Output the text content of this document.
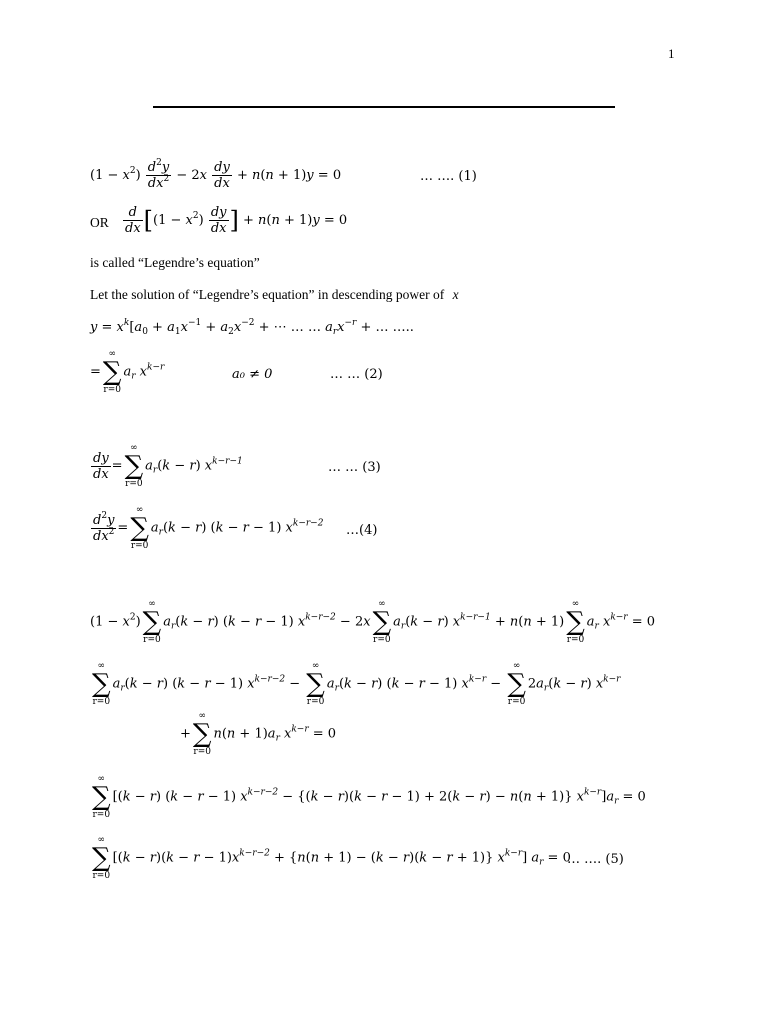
1
$(1 - x^2) \frac{d^2y}{dx^2} - 2x \frac{dy}{dx} + n(n + 1)y = 0$	… …. (1)
OR $\frac{d}{dx} [(1 - x^2) \frac{dy}{dx}$ ] + n(n + 1)y = 0
is called “Legendre’s equation”
Let the solution of “Legendre’s equation” in descending power of x
$y = x^k[a_0 + a_1x^{-1} + a_2x^{-2}$ + ⋯ … … $a_rx^{-r}$ + … …..
=
∞
∑
r=0
$a_r$ $x^{k-r}$	a₀ ≠ 0	… … (2)
$\frac{dy}{dx}$ =
∞
∑
r=0
$a_r(k - r)$ $x^{k-r-1}$	… … (3)
$\frac{d^2y}{dx^2}$ =
∞
∑
r=0
$a_r(k - r) (k - r - 1)$ $x^{k-r-2}$ …(4)
$(1 - x^2)$
∞
∑
r=0
$a_r(k - r) (k - r - 1) x^{k-r-2} - 2x$
∞
∑
r=0
$a_r(k - r) x^{k-r-1} + n(n + 1)$
∞
∑
r=0
$a_r$ $x^{k-r} = 0$
∞
∑
r=0
$a_r(k - r) (k - r - 1) x^{k-r-2}$ −
∞
∑
r=0
$a_r(k - r) (k - r - 1) x^{k-r}$ −
∞
∑
r=0
$2a_r(k - r)$ $x^{k-r}$
+
∞
∑
r=0
$n(n + 1)a_r$ $x^{k-r} = 0$
∞
∑
r=0
[(k − r) (k − r − 1) $x^{k-r-2} - \{(k - r)(k - r - 1) + 2(k - r) - n(n + 1)\} x^{k-r}]a_r = 0$
∞
∑
r=0
[$(k - r)(k - r - 1)x^{k-r-2} + \{n(n + 1) - (k - r)(k - r + 1)\}$ $x^{k-r}$] $a_r = 0$
… …. (5)
